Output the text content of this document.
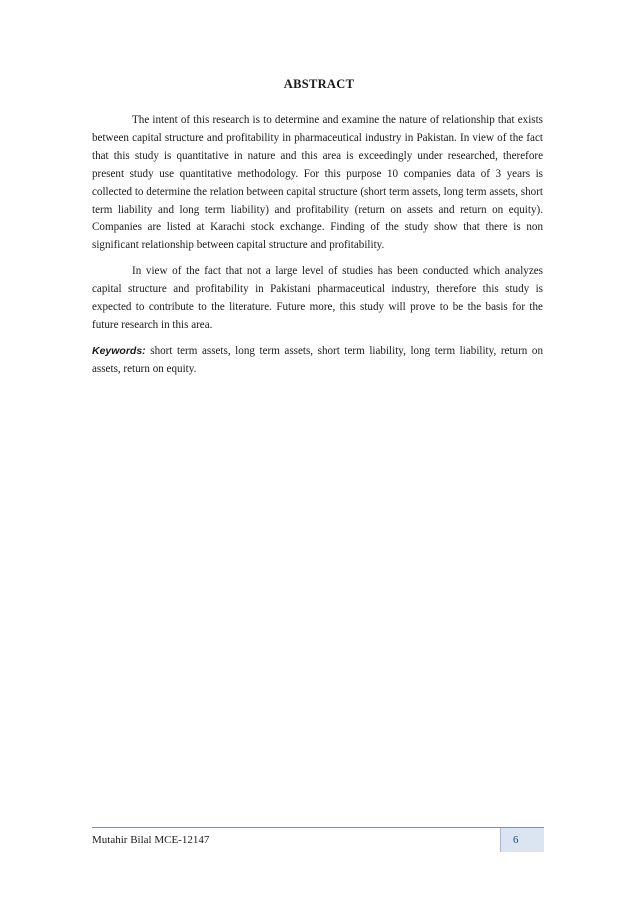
ABSTRACT

The intent of this research is to determine and examine the nature of relationship that exists between capital structure and profitability in pharmaceutical industry in Pakistan. In view of the fact that this study is quantitative in nature and this area is exceedingly under researched, therefore present study use quantitative methodology. For this purpose 10 companies data of 3 years is collected to determine the relation between capital structure (short term assets, long term assets, short term liability and long term liability) and profitability (return on assets and return on equity). Companies are listed at Karachi stock exchange. Finding of the study show that there is non significant relationship between capital structure and profitability.

In view of the fact that not a large level of studies has been conducted which analyzes capital structure and profitability in Pakistani pharmaceutical industry, therefore this study is expected to contribute to the literature. Future more, this study will prove to be the basis for the future research in this area.

Keywords: short term assets, long term assets, short term liability, long term liability, return on assets, return on equity.

Mutahir Bilal MCE-12147	6
